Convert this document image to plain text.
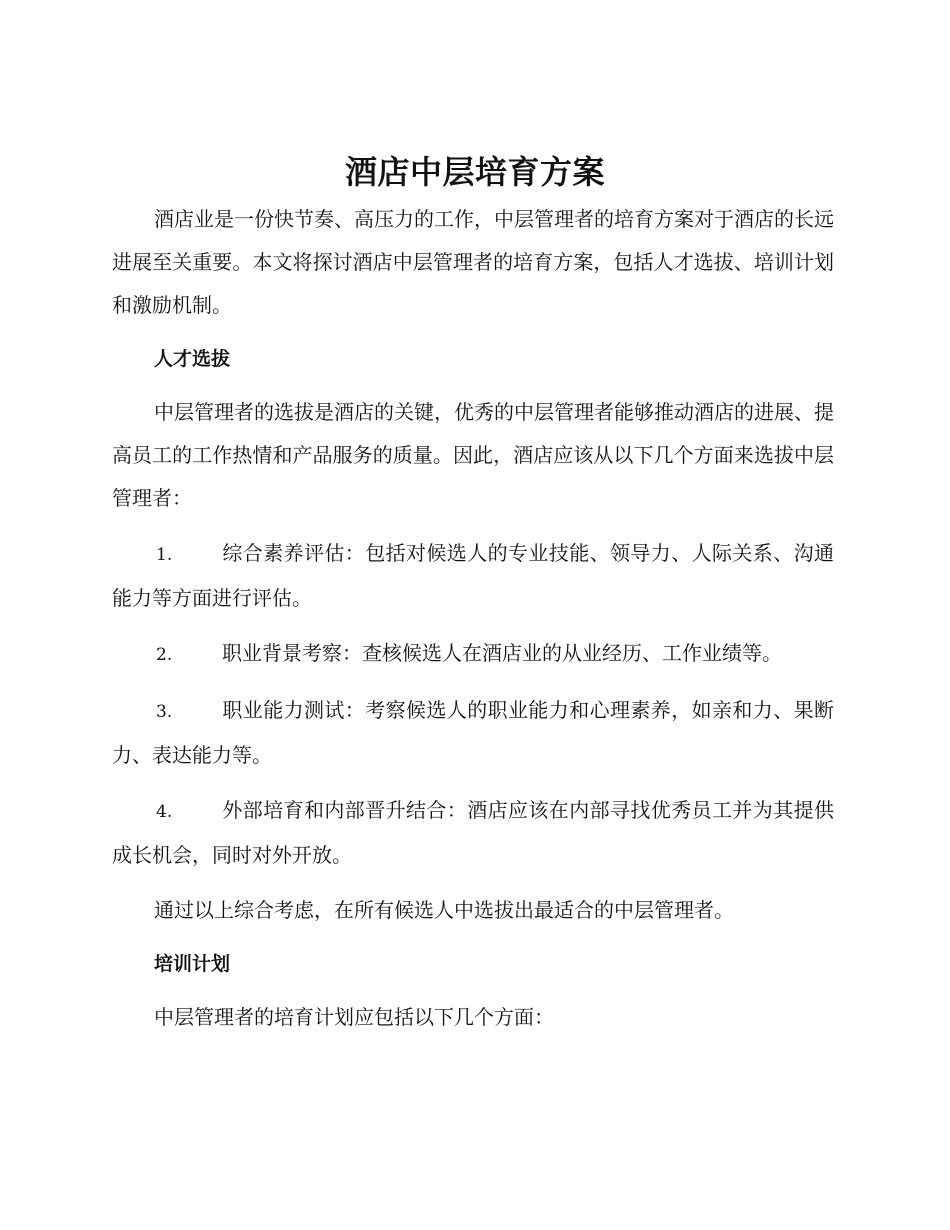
酒店中层培育方案

酒店业是一份快节奏、高压力的工作，中层管理者的培育方案对于酒店的长远进展至关重要。本文将探讨酒店中层管理者的培育方案，包括人才选拔、培训计划和激励机制。

人才选拔

中层管理者的选拔是酒店的关键，优秀的中层管理者能够推动酒店的进展、提高员工的工作热情和产品服务的质量。因此，酒店应该从以下几个方面来选拔中层管理者：

1. 综合素养评估：包括对候选人的专业技能、领导力、人际关系、沟通能力等方面进行评估。

2. 职业背景考察：查核候选人在酒店业的从业经历、工作业绩等。

3. 职业能力测试：考察候选人的职业能力和心理素养，如亲和力、果断力、表达能力等。

4. 外部培育和内部晋升结合：酒店应该在内部寻找优秀员工并为其提供成长机会，同时对外开放。

通过以上综合考虑，在所有候选人中选拔出最适合的中层管理者。

培训计划

中层管理者的培育计划应包括以下几个方面：
